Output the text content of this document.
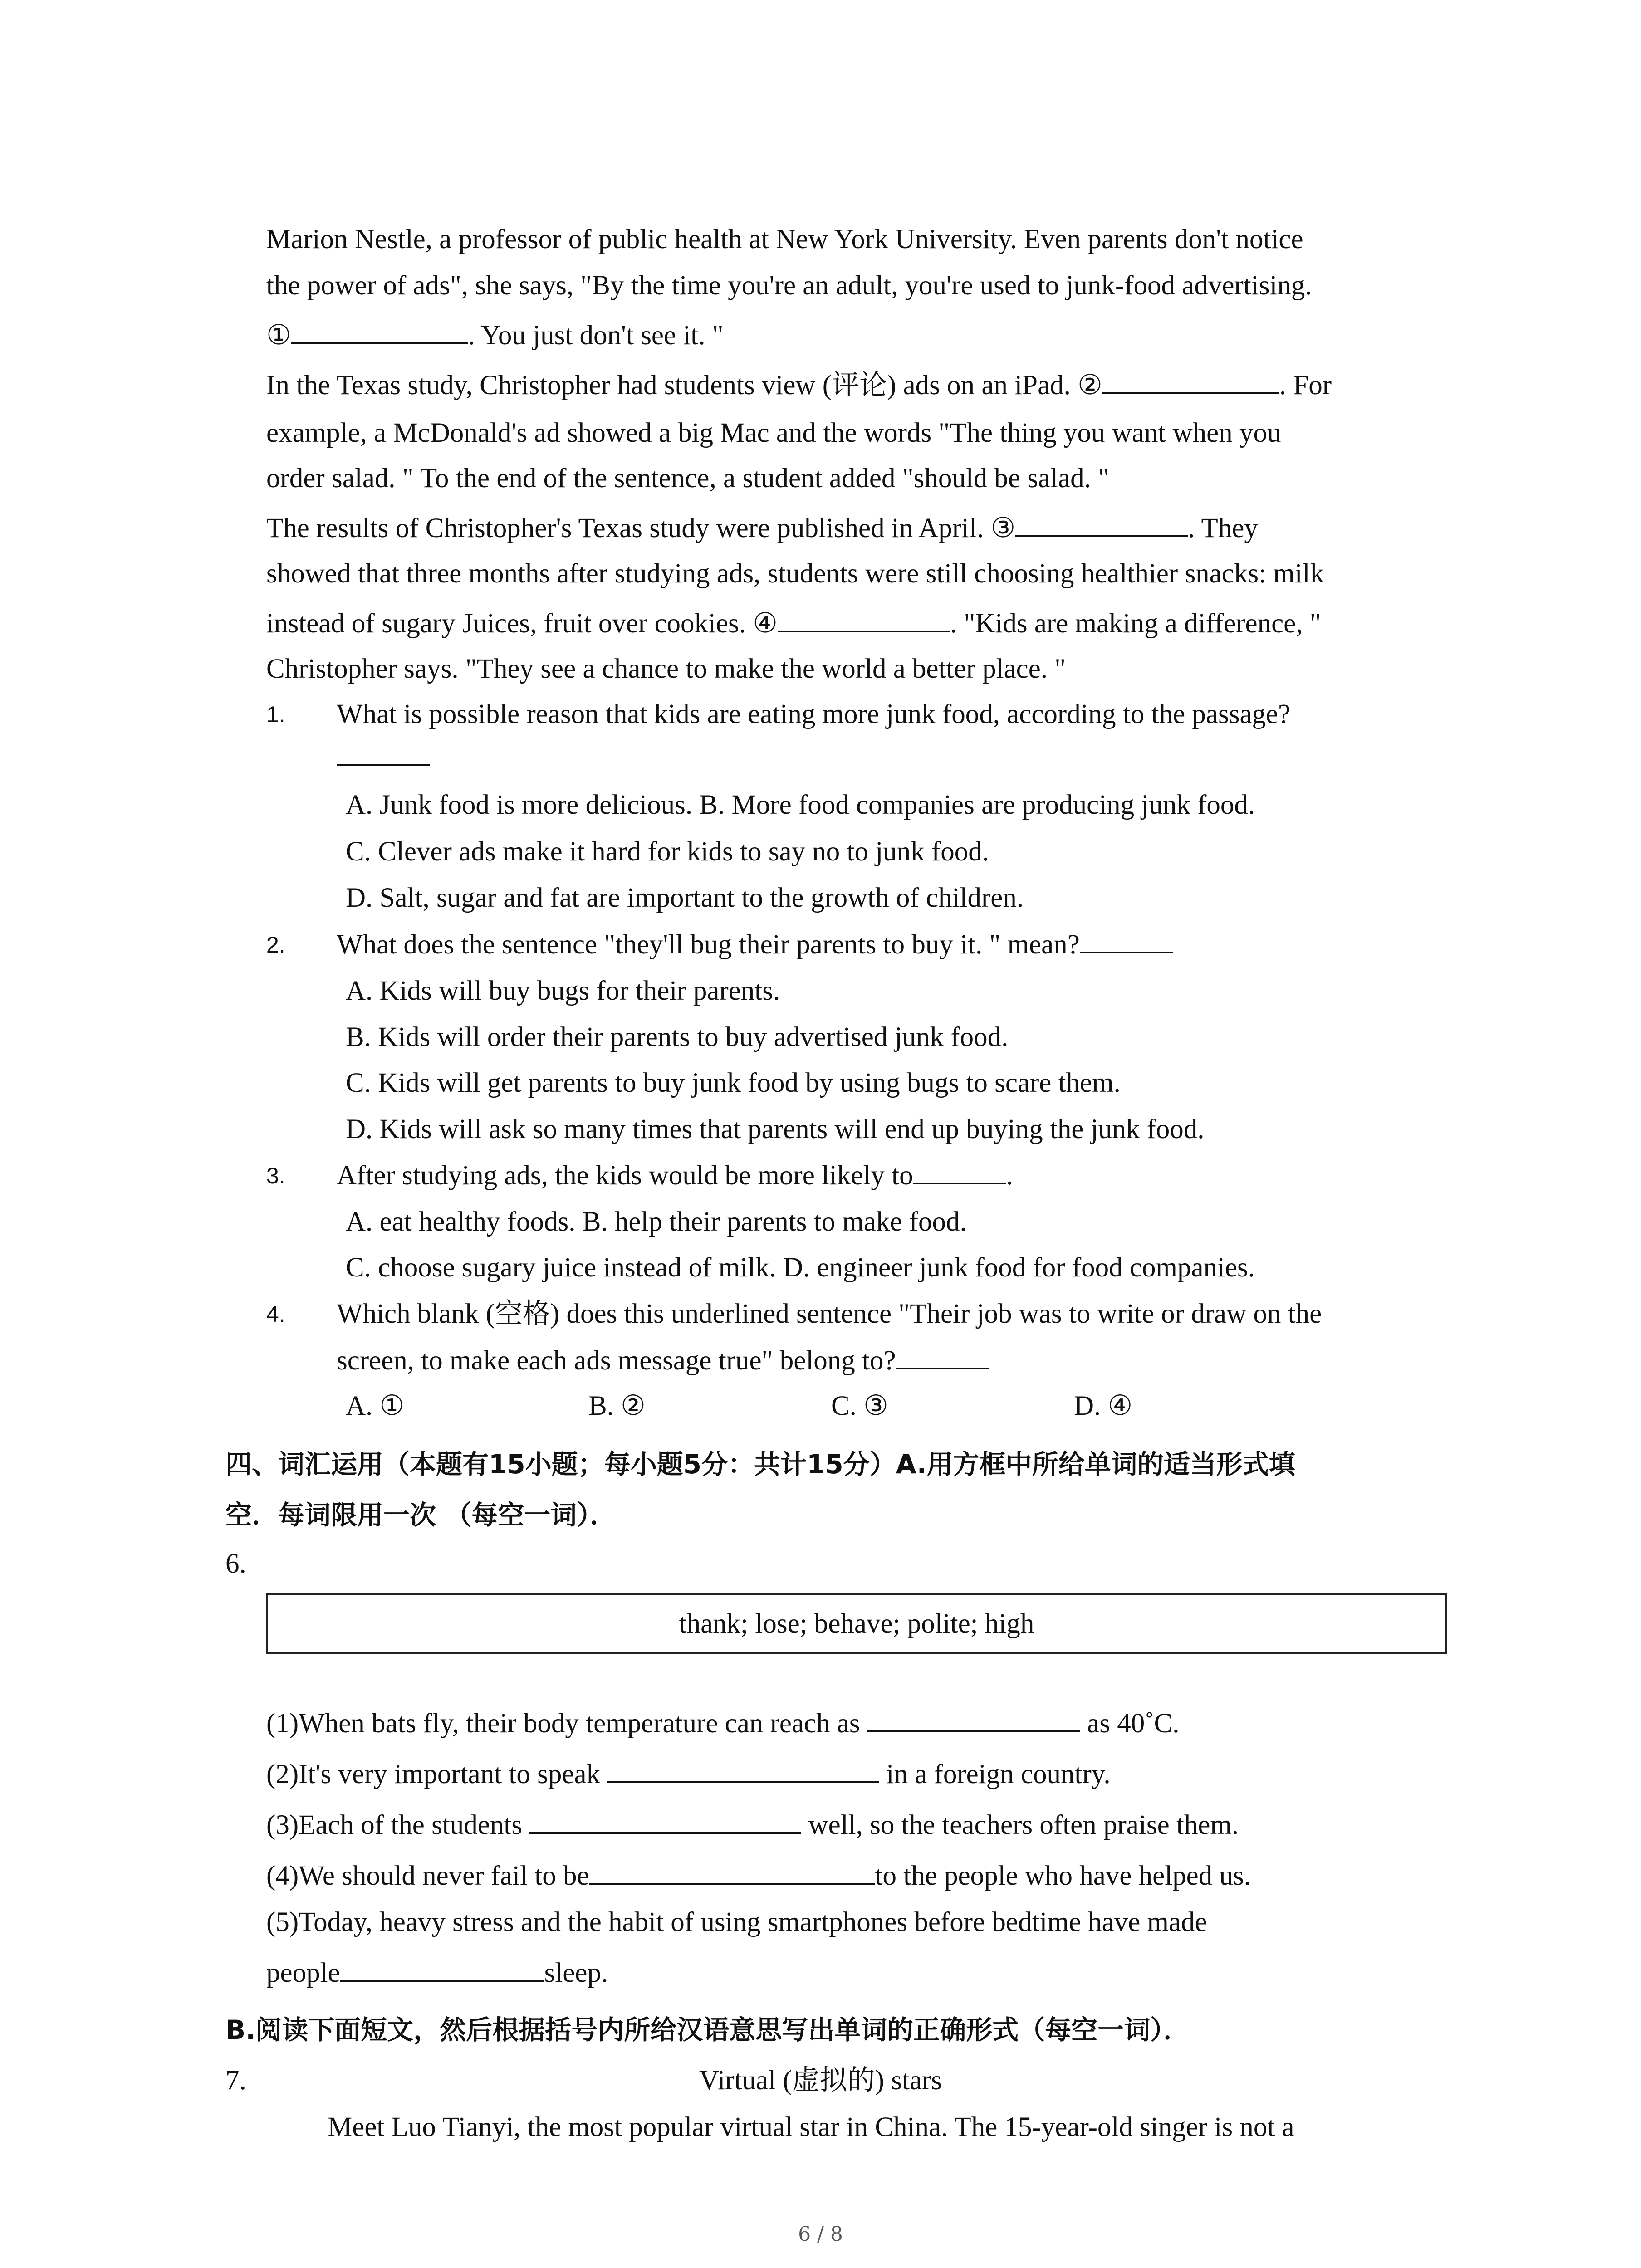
Marion Nestle, a professor of public health at New York University. Even parents don't notice
the power of ads", she says, "By the time you're an adult, you're used to junk-food advertising.
①	. You just don't see it. "
In the Texas study, Christopher had students view (评论) ads on an iPad. ②	. For
example, a McDonald's ad showed a big Mac and the words "The thing you want when you
order salad. " To the end of the sentence, a student added "should be salad. "
The results of Christopher's Texas study were published in April. ③	. They
showed that three months after studying ads, students were still choosing healthier snacks: milk
instead of sugary Juices, fruit over cookies. ④	. "Kids are making a difference, "
Christopher says. "They see a chance to make the world a better place. "
1. What is possible reason that kids are eating more junk food, according to the passage?
A. Junk food is more delicious. B. More food companies are producing junk food.
C. Clever ads make it hard for kids to say no to junk food.
D. Salt, sugar and fat are important to the growth of children.
2. What does the sentence "they'll bug their parents to buy it. " mean?
A. Kids will buy bugs for their parents.
B. Kids will order their parents to buy advertised junk food.
C. Kids will get parents to buy junk food by using bugs to scare them.
D. Kids will ask so many times that parents will end up buying the junk food.
3. After studying ads, the kids would be more likely to	.
A. eat healthy foods. B. help their parents to make food.
C. choose sugary juice instead of milk. D. engineer junk food for food companies.
4. Which blank (空格) does this underlined sentence "Their job was to write or draw on the
screen, to make each ads message true" belong to?
A. ①	B. ②	C. ③	D. ④
四、词汇运用（本题有15小题；每小题5分：共计15分）A.用方框中所给单词的适当形式填
空．每词限用一次 （每空一词）．
6.
thank; lose; behave; polite; high
(1)When bats fly, their body temperature can reach as	as 40˚C.
(2)It's very important to speak	in a foreign country.
(3)Each of the students	well, so the teachers often praise them.
(4)We should never fail to be	to the people who have helped us.
(5)Today, heavy stress and the habit of using smartphones before bedtime have made
people	sleep.
B.阅读下面短文，然后根据括号内所给汉语意思写出单词的正确形式（每空一词）．
7.	Virtual (虚拟的) stars
Meet Luo Tianyi, the most popular virtual star in China. The 15-year-old singer is not a
6 / 8
